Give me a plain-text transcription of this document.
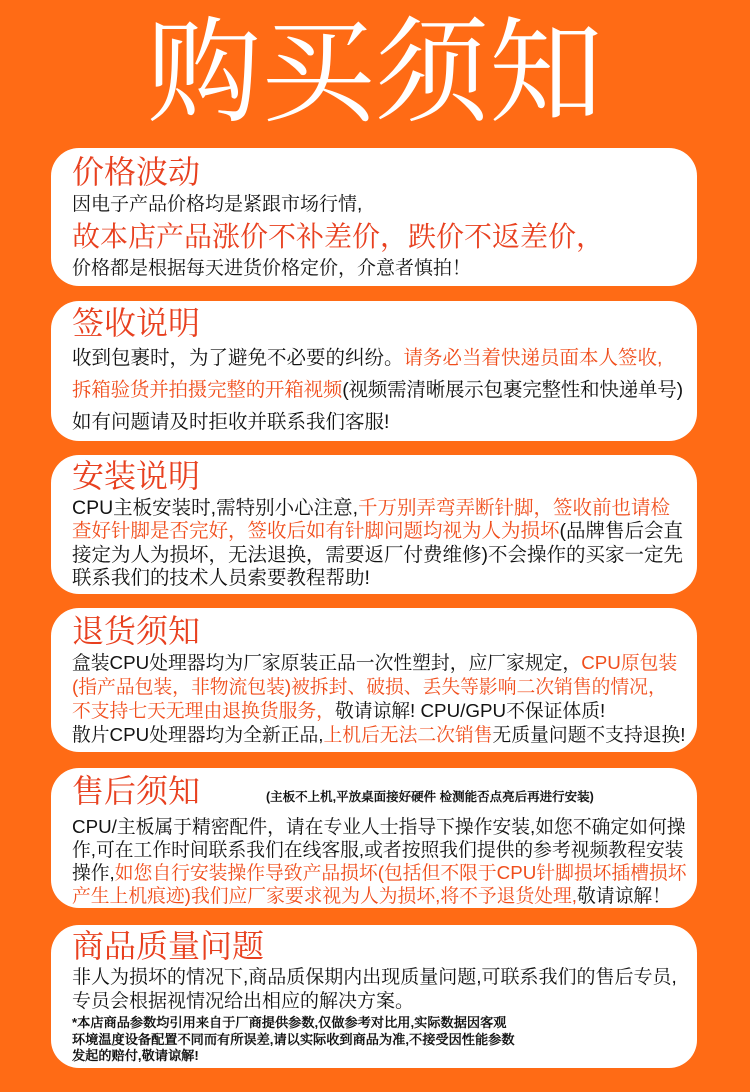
购买须知
价格波动
因电子产品价格均是紧跟市场行情,
故本店产品涨价不补差价，跌价不返差价，
价格都是根据每天进货价格定价，介意者慎拍！
签收说明
收到包裹时，为了避免不必要的纠纷。请务必当着快递员面本人签收,
拆箱验货并拍摄完整的开箱视频(视频需清晰展示包裹完整性和快递单号)
如有问题请及时拒收并联系我们客服!
安装说明
CPU主板安装时,需特别小心注意,千万别弄弯弄断针脚，签收前也请检
查好针脚是否完好，签收后如有针脚问题均视为人为损坏(品牌售后会直
接定为人为损坏，无法退换，需要返厂付费维修)不会操作的买家一定先
联系我们的技术人员索要教程帮助!
退货须知
盒装CPU处理器均为厂家原装正品一次性塑封，应厂家规定，CPU原包装
(指产品包装，非物流包装)被拆封、破损、丢失等影响二次销售的情况，
不支持七天无理由退换货服务，敬请谅解! CPU/GPU不保证体质!
散片CPU处理器均为全新正品,上机后无法二次销售无质量问题不支持退换!
售后须知	(主板不上机,平放桌面接好硬件 检测能否点亮后再进行安装)
CPU/主板属于精密配件，请在专业人士指导下操作安装,如您不确定如何操
作,可在工作时间联系我们在线客服,或者按照我们提供的参考视频教程安装
操作,如您自行安装操作导致产品损坏(包括但不限于CPU针脚损坏插槽损坏
产生上机痕迹)我们应厂家要求视为人为损坏,将不予退货处理,敬请谅解！
商品质量问题
非人为损坏的情况下,商品质保期内出现质量问题,可联系我们的售后专员,
专员会根据视情况给出相应的解决方案。
*本店商品参数均引用来自于厂商提供参数,仅做参考对比用,实际数据因客观
环境温度设备配置不同而有所误差,请以实际收到商品为准,不接受因性能参数
发起的赔付,敬请谅解!
